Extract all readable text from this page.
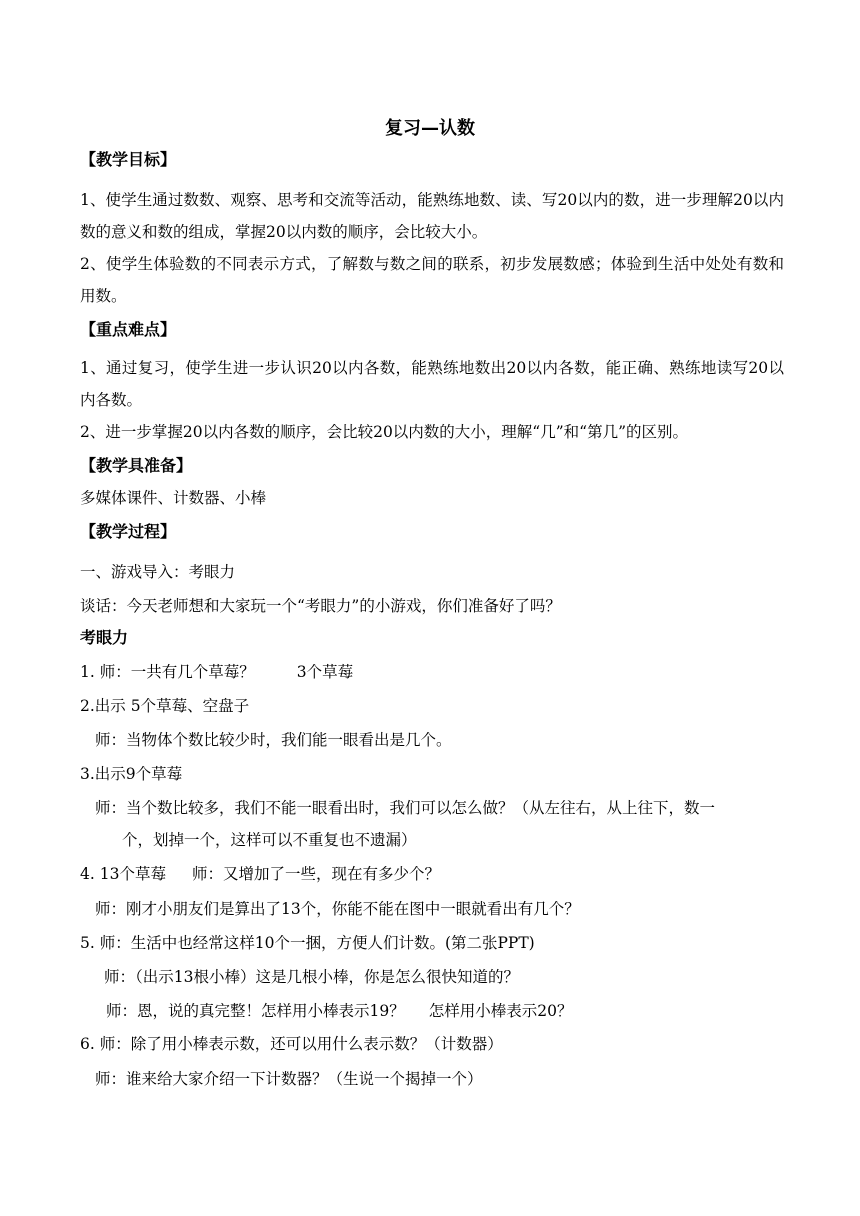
复习—认数
【教学目标】
1、使学生通过数数、观察、思考和交流等活动，能熟练地数、读、写20以内的数，进一步理解20以内数的意义和数的组成，掌握20以内数的顺序，会比较大小。
2、使学生体验数的不同表示方式，了解数与数之间的联系，初步发展数感；体验到生活中处处有数和用数。
【重点难点】
1、通过复习，使学生进一步认识20以内各数，能熟练地数出20以内各数，能正确、熟练地读写20以内各数。
2、进一步掌握20以内各数的顺序，会比较20以内数的大小，理解“几”和“第几”的区别。
【教学具准备】
多媒体课件、计数器、小棒
【教学过程】
一、游戏导入：考眼力
谈话：今天老师想和大家玩一个“考眼力”的小游戏，你们准备好了吗？
考眼力
1. 师：一共有几个草莓？	3个草莓
2.出示 5个草莓、空盘子
师：当物体个数比较少时，我们能一眼看出是几个。
3.出示9个草莓
师：当个数比较多，我们不能一眼看出时，我们可以怎么做？（从左往右，从上往下，数一
个，划掉一个，这样可以不重复也不遗漏）
4. 13个草莓 师：又增加了一些，现在有多少个？
师：刚才小朋友们是算出了13个，你能不能在图中一眼就看出有几个？
5. 师：生活中也经常这样10个一捆，方便人们计数。(第二张PPT)
师：（出示13根小棒）这是几根小棒，你是怎么很快知道的？
师：恩，说的真完整！怎样用小棒表示19？ 怎样用小棒表示20？
6. 师：除了用小棒表示数，还可以用什么表示数？（计数器）
师：谁来给大家介绍一下计数器？（生说一个揭掉一个）
